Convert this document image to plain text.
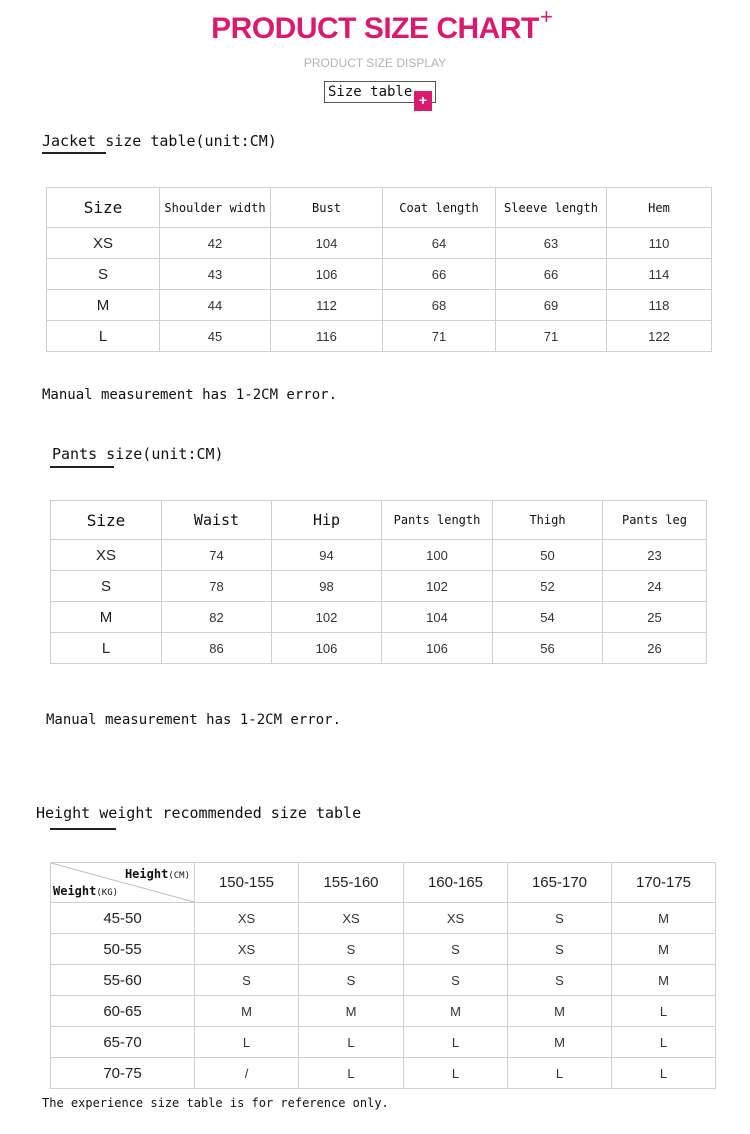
PRODUCT SIZE CHART +
PRODUCT SIZE DISPLAY
Size table +
Jacket size table(unit:CM)
Size	Shoulder width	Bust	Coat length	Sleeve length	Hem
XS	42	104	64	63	110
S	43	106	66	66	114
M	44	112	68	69	118
L	45	116	71	71	122
Manual measurement has 1-2CM error.
Pants size(unit:CM)
Size	Waist	Hip	Pants length	Thigh	Pants leg
XS	74	94	100	50	23
S	78	98	102	52	24
M	82	102	104	54	25
L	86	106	106	56	26
Manual measurement has 1-2CM error.
Height weight recommended size table
Height(CM)
Weight(KG)	150-155	155-160	160-165	165-170	170-175
45-50	XS	XS	XS	S	M
50-55	XS	S	S	S	M
55-60	S	S	S	S	M
60-65	M	M	M	M	L
65-70	L	L	L	M	L
70-75	/	L	L	L	L
The experience size table is for reference only.
